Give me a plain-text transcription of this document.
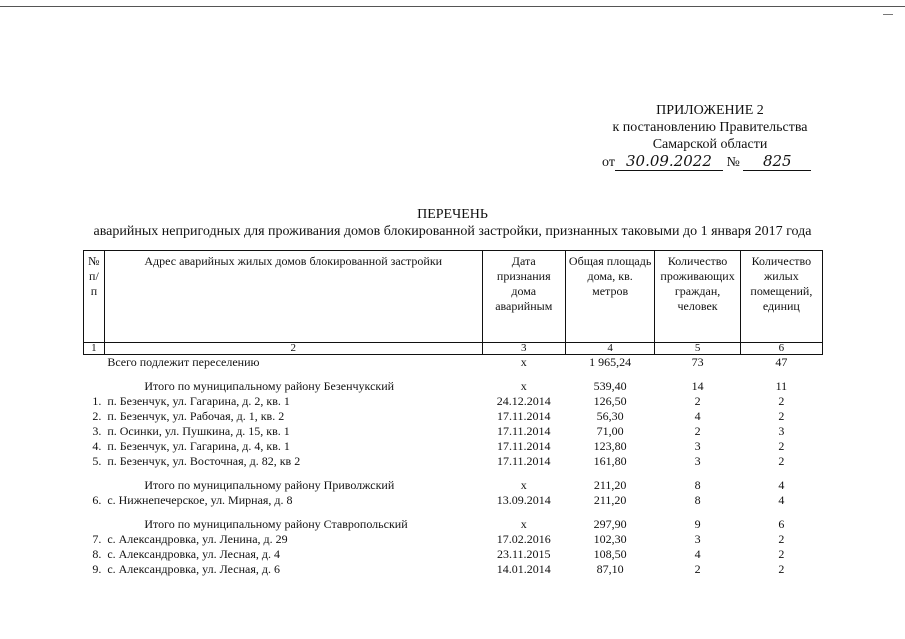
ПРИЛОЖЕНИЕ 2
к постановлению Правительства
Самарской области
от 30.09.2022 № 825
ПЕРЕЧЕНЬ
аварийных непригодных для проживания домов блокированной застройки, признанных таковыми до 1 января 2017 года
№ п/п	Адрес аварийных жилых домов блокированной застройки	Дата признания дома аварийным	Общая площадь дома, кв. метров	Количество проживающих граждан, человек	Количество жилых помещений, единиц
1	2	3	4	5	6
	Всего подлежит переселению	х	1 965,24	73	47
	Итого по муниципальному району Безенчукский	х	539,40	14	11
1.	п. Безенчук, ул. Гагарина, д. 2, кв. 1	24.12.2014	126,50	2	2
2.	п. Безенчук, ул. Рабочая, д. 1, кв. 2	17.11.2014	56,30	4	2
3.	п. Осинки, ул. Пушкина, д. 15, кв. 1	17.11.2014	71,00	2	3
4.	п. Безенчук, ул. Гагарина, д. 4, кв. 1	17.11.2014	123,80	3	2
5.	п. Безенчук, ул. Восточная, д. 82, кв 2	17.11.2014	161,80	3	2
	Итого по муниципальному району Приволжский	х	211,20	8	4
6.	с. Нижнепечерское, ул. Мирная, д. 8	13.09.2014	211,20	8	4
	Итого по муниципальному району Ставропольский	х	297,90	9	6
7.	с. Александровка, ул. Ленина, д. 29	17.02.2016	102,30	3	2
8.	с. Александровка, ул. Лесная, д. 4	23.11.2015	108,50	4	2
9.	с. Александровка, ул. Лесная, д. 6	14.01.2014	87,10	2	2
